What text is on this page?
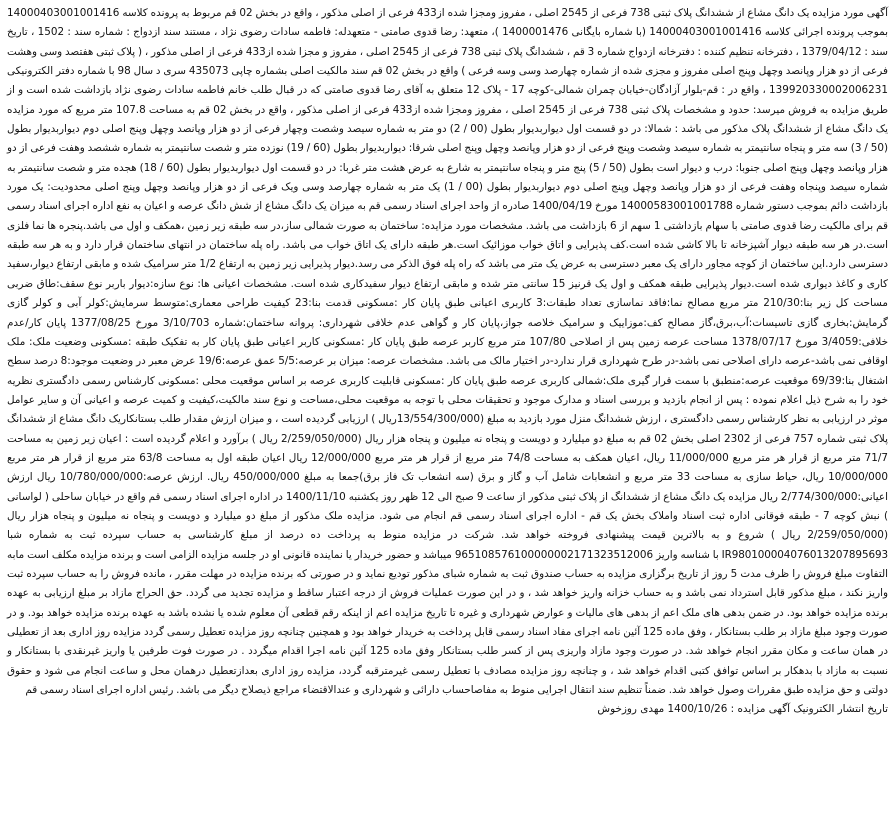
آگهی مورد مزایده یک دانگ مشاع از ششدانگ پلاک ثبتی 738 فرعی از 2545 اصلی ، مفروز ومجزا شده از433 فرعی از اصلی مذکور ، واقع در بخش 02 قم مربوط به پرونده کلاسه 14000403001001416 بموجب پرونده اجرائی کلاسه 14000403001001416 (با شماره بایگانی 1400001476 )، متعهد: رضا قدوی صامتی - متعهدله: فاطمه سادات رضوی نژاد ، مستند سند ازدواج : شماره سند : 1502 ، تاریخ سند : 1379/04/12 ، دفترخانه تنظیم کننده : دفترخانه ازدواج شماره 3 قم ، ششدانگ پلاک ثبتی 738 فرعی از 2545 اصلی ، مفروز و مجزا شده از433 فرعی از اصلی مذکور ، ( پلاک ثبتی هفتصد وسی وهشت فرعی از دو هزار وپانصد وچهل وپنج اصلی مفروز و مجزی شده از شماره چهارصد وسی وسه فرعی ) واقع در بخش 02 قم سند مالکیت اصلی بشماره چاپی 435073 سری د سال 98 با شماره دفتر الکترونیکی 139920330002006231 ، واقع در : قم-بلوار آزادگان-خیابان چمران شمالی-کوچه 17 - پلاک 12 متعلق به آقای رضا قدوی صامتی که در قبال طلب خانم فاطمه سادات رضوی نژاد بازداشت شده است و از طریق مزایده به فروش میرسد: حدود و مشخصات پلاک ثبتی 738 فرعی از 2545 اصلی ، مفروز ومجزا شده از433 فرعی از اصلی مذکور ، واقع در بخش 02 قم به مساحت 107.8 متر مربع که مورد مزایده یک دانگ مشاع از ششدانگ پلاک مذکور می باشد : شمالا: در دو قسمت اول دیواربدیوار بطول (00 / 2) دو متر به شماره سیصد وشصت وچهار فرعی از دو هزار وپانصد وچهل وپنج اصلی دوم دیواربدیوار بطول (50 / 3) سه متر و پنجاه سانتیمتر به شماره سیصد وشصت وپنج فرعی از دو هزار وپانصد وچهل وپنج اصلی شرقا: دیواربدیوار بطول (60 / 19) نوزده متر و شصت سانتیمتر به شماره ششصد وهفت فرعی از دو هزار وپانصد وچهل وپنج اصلی جنوبا: درب و دیوار است بطول (50 / 5) پنج متر و پنجاه سانتیمتر به شارع به عرض هشت متر غربا: در دو قسمت اول دیواربدیوار بطول (60 / 18) هجده متر و شصت سانتیمتر به شماره سیصد وپنجاه وهفت فرعی از دو هزار وپانصد وچهل وپنج اصلی دوم دیواربدیوار بطول (00 / 1) یک متر به شماره چهارصد وسی ویک فرعی از دو هزار وپانصد وچهل وپنج اصلی محدودیت: یک مورد بازداشت دائم بموجب دستور شماره 14000583001001788 مورخ 1400/04/19 صادره از واحد اجرای اسناد رسمی قم به میزان یک دانگ مشاع از شش دانگ عرصه و اعیان به نفع اداره اجرای اسناد رسمی قم برای مالکیت رضا قدوی صامتی با سهام بازداشتی 1 سهم از 6 بازداشت می باشد. مشخصات مورد مزایده: ساختمان به صورت شمالی ساز،در سه طبقه زیر زمین ،همکف و اول می باشد.پنجره ها نما فلزی است.در هر سه طبقه دیوار آشپزخانه تا بالا کاشی شده است.کف پذیرایی و اتاق خواب موزائیک است.هر طبقه دارای یک اتاق خواب می باشد. راه پله ساختمان در انتهای ساختمان قرار دارد و به هر سه طبقه دسترسی دارد.این ساختمان از کوچه مجاور دارای یک معبر دسترسی به عرض یک متر می باشد که راه پله فوق الذکر می رسد.دیوار پذیرایی زیر زمین به ارتفاع 1/2 متر سرامیک شده و مابقی ارتفاع دیوار،سفید کاری و کاغذ دیواری شده است.دیوار پذیرایی طبقه همکف و اول یک قرنیز 15 سانتی متر شده و مابقی ارتفاع دیوار سفیدکاری شده است. مشخصات اعیانی ها: نوع سازه:دیوار باربر نوع سقف:طاق ضربی مساحت کل زیر بنا:210/30 متر مربع مصالح نما:فاقد نماسازی تعداد طبقات:3 کاربری اعیانی طبق پایان کار :مسکونی قدمت بنا:23 کیفیت طراحی معماری:متوسط سرمایش:کولر آبی و کولر گازی گرمایش:بخاری گازی تاسیسات:آب،برق،گاز مصالح کف:موزاییک و سرامیک خلاصه جواز،پایان کار و گواهی عدم خلافی شهرداری: پروانه ساختمان:شماره 3/10/703 مورخ 1377/08/25 پایان کار/عدم خلافی:3/4059 مورخ 1378/07/17 مساحت عرصه زمین پس از اصلاحی 107/80 متر مربع کاربر عرصه طبق پایان کار :مسکونی کاربر اعیانی طبق پایان کار به تفکیک طبقه :مسکونی وضعیت ملک: ملک اوقافی نمی باشد-عرصه دارای اصلاحی نمی باشد-در طرح شهرداری قرار ندارد-در اختیار مالک می باشد. مشخصات عرصه: میزان بر عرصه:5/5 عمق عرصه:19/6 عرض معبر در وضعیت موجود:8 درصد سطح اشتغال بنا:69/39 موقعیت عرصه:منطبق با سمت قرار گیری ملک:شمالی کاربری عرصه طبق پایان کار :مسکونی قابلیت کاربری عرصه بر اساس موقعیت محلی :مسکونی کارشناس رسمی دادگستری نظریه خود را به شرح ذیل اعلام نموده : پس از انجام بازدید و بررسی اسناد و مدارک موجود و تحقیقات محلی با توجه به موقعیت محلی،مساحت و نوع سند مالکیت،کیفیت و کمیت عرصه و اعیانی آن و سایر عوامل موثر در ارزیابی به نظر کارشناس رسمی دادگستری ، ارزش ششدانگ منزل مورد بازدید به مبلغ (13/554/300/000ریال ) ارزیابی گردیده است ، و میزان ارزش مقدار طلب بستانکاریک دانگ مشاع از ششدانگ پلاک ثبتی شماره 757 فرعی از 2302 اصلی بخش 02 قم به مبلغ دو میلیارد و دویست و پنجاه نه میلیون و پنجاه هزار ریال (2/259/050/000 ریال ) برآورد و اعلام گردیده است : اعیان زیر زمین به مساحت 71/7 متر مربع از قرار هر متر مربع 11/000/000 ریال، اعیان همکف به مساحت 74/8 متر مربع از قرار هر متر مربع 12/000/000 ریال اعیان طبقه اول به مساحت 63/8 متر مربع از قرار هر متر مربع 10/000/000 ریال، حیاط سازی به مساحت 33 متر مربع و انشعابات شامل آب و گاز و برق (سه انشعاب تک فاز برق)جمعا به مبلغ 450/000/000 ریال. ارزش عرصه:10/780/000/000 ریال ارزش اعیانی:2/774/300/000 ریال مزایده یک دانگ مشاع از ششدانگ از پلاک ثبتی مذکور از ساعت 9 صبح الی 12 ظهر روز یکشنبه 1400/11/10 در اداره اجرای اسناد رسمی قم واقع در خیابان ساحلی ( لواسانی ) نبش کوچه 7 - طبقه فوقانی اداره ثبت اسناد واملاک بخش یک قم - اداره اجرای اسناد رسمی قم انجام می شود. مزایده ملک مذکور از مبلغ دو میلیارد و دویست و پنجاه نه میلیون و پنجاه هزار ریال (2/259/050/000 ریال ) شروع و به بالاترین قیمت پیشنهادی فروخته خواهد شد. شرکت در مزایده منوط به پرداخت ده درصد از مبلغ کارشناسی به حساب سپرده ثبت به شماره شبا IR980100004076013207895693 با شناسه واریز 965108576100000002171323512006 میباشد و حضور خریدار یا نماینده قانونی او در جلسه مزایده الزامی است و برنده مزایده مکلف است مابه التفاوت مبلغ فروش را ظرف مدت 5 روز از تاریخ برگزاری مزایده به حساب صندوق ثبت به شماره شبای مذکور تودیع نماید و در صورتی که برنده مزایده در مهلت مقرر ، مانده فروش را به حساب سپرده ثبت واریز نکند ، مبلغ مذکور قابل استرداد نمی باشد و به حساب خزانه واریز خواهد شد ، و در این صورت عملیات فروش از درجه اعتبار ساقط و مزایده تجدید می گردد. حق الحراج مازاد بر مبلغ ارزیابی به عهده برنده مزایده خواهد بود. در ضمن بدهی های ملک اعم از بدهی های مالیات و عوارض شهرداری و غیره تا تاریخ مزایده اعم از اینکه رقم قطعی آن معلوم شده یا نشده باشد به عهده برنده مزایده خواهد بود. و در صورت وجود مبلغ مازاد بر طلب بستانکار ، وفق ماده 125 آئین نامه اجرای مفاد اسناد رسمی قابل پرداخت به خریدار خواهد بود و همچنین چنانچه روز مزایده تعطیل رسمی گردد مزایده روز اداری بعد از تعطیلی در همان ساعت و مکان مقرر انجام خواهد شد. در صورت وجود مازاد واریزی پس از کسر طلب بستانکار وفق ماده 125 آئین نامه اجرا اقدام میگردد . در صورت فوت طرفین یا واریز غیرنقدی با بستانکار و نسبت به مازاد با بدهکار بر اساس توافق کتبی اقدام خواهد شد ، و چنانچه روز مزایده مصادف با تعطیل رسمی غیرمترقبه گردد، مزایده روز اداری بعدازتعطیل درهمان محل و ساعت انجام می شود و حقوق دولتی و حق مزایده طبق مقررات وصول خواهد شد. ضمناً تنظیم سند انتقال اجرایی منوط به مفاصاحساب دارائی و شهرداری و عندالاقتضاء مراجع ذیصلاح دیگر می باشد. رئیس اداره اجرای اسناد رسمی قم

تاریخ انتشار الکترونیک آگهی مزایده : 1400/10/26 مهدی روزخوش
